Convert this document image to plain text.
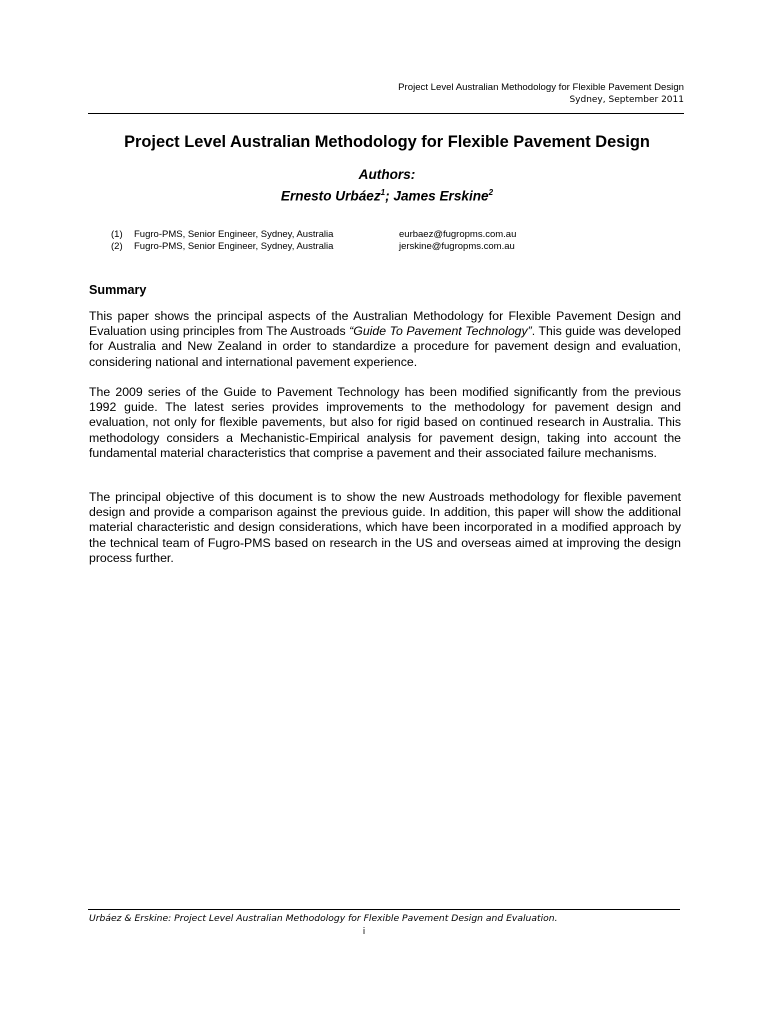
Project Level Australian Methodology for Flexible Pavement Design
Sydney, September 2011
Project Level Australian Methodology for Flexible Pavement Design
Authors:
Ernesto Urbáez$^1$; James Erskine$^2$
(1)	Fugro-PMS, Senior Engineer, Sydney, Australia	eurbaez@fugropms.com.au
(2)	Fugro-PMS, Senior Engineer, Sydney, Australia	jerskine@fugropms.com.au
Summary

This paper shows the principal aspects of the Australian Methodology for Flexible Pavement Design and Evaluation using principles from The Austroads “Guide To Pavement Technology”. This guide was developed for Australia and New Zealand in order to standardize a procedure for pavement design and evaluation, considering national and international pavement experience.

The 2009 series of the Guide to Pavement Technology has been modified significantly from the previous 1992 guide. The latest series provides improvements to the methodology for pavement design and evaluation, not only for flexible pavements, but also for rigid based on continued research in Australia. This methodology considers a Mechanistic-Empirical analysis for pavement design, taking into account the fundamental material characteristics that comprise a pavement and their associated failure mechanisms.

The principal objective of this document is to show the new Austroads methodology for flexible pavement design and provide a comparison against the previous guide. In addition, this paper will show the additional material characteristic and design considerations, which have been incorporated in a modified approach by the technical team of Fugro-PMS based on research in the US and overseas aimed at improving the design process further.

Urbáez & Erskine: Project Level Australian Methodology for Flexible Pavement Design and Evaluation.
i
